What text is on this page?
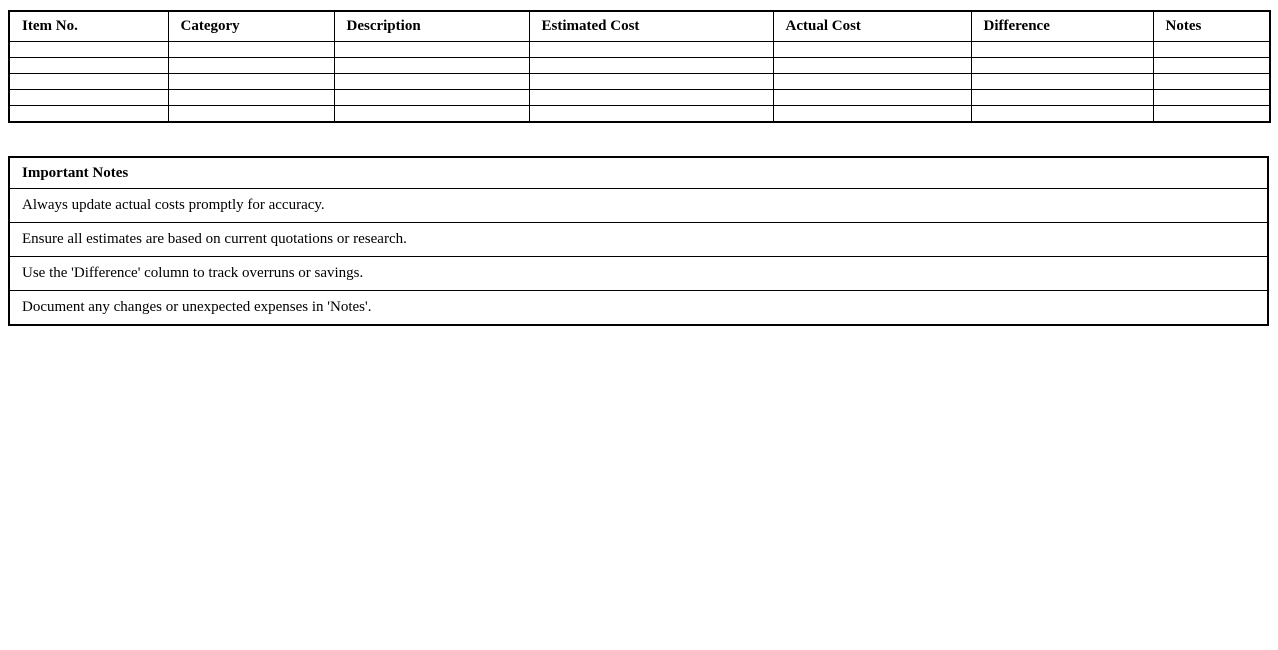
Item No.	Category	Description	Estimated Cost	Actual Cost	Difference	Notes

Important Notes
Always update actual costs promptly for accuracy.
Ensure all estimates are based on current quotations or research.
Use the 'Difference' column to track overruns or savings.
Document any changes or unexpected expenses in 'Notes'.
